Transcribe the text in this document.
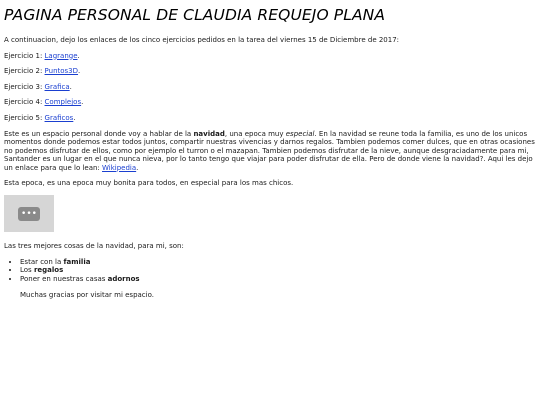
PAGINA PERSONAL DE CLAUDIA REQUEJO PLANA

A continuacion, dejo los enlaces de los cinco ejercicios pedidos en la tarea del viernes 15 de Diciembre de 2017:

Ejercicio 1: Lagrange.

Ejercicio 2: Puntos3D.

Ejercicio 3: Grafica.

Ejercicio 4: Complejos.

Ejercicio 5: Graficos.

Este es un espacio personal donde voy a hablar de la navidad, una epoca muy especial. En la navidad se reune toda la familia, es uno de los unicos momentos donde podemos estar todos juntos, compartir nuestras vivencias y darnos regalos. Tambien podemos comer dulces, que en otras ocasiones no podemos disfrutar de ellos, como por ejemplo el turron o el mazapan. Tambien podemos disfrutar de la nieve, aunque desgraciadamente para mi, Santander es un lugar en el que nunca nieva, por lo tanto tengo que viajar para poder disfrutar de ella. Pero de donde viene la navidad?. Aqui les dejo un enlace para que lo lean: Wikipedia.

Esta epoca, es una epoca muy bonita para todos, en especial para los mas chicos.

•••

Las tres mejores cosas de la navidad, para mi, son:

• Estar con la familia
• Los regalos
• Poner en nuestras casas adornos

Muchas gracias por visitar mi espacio.
